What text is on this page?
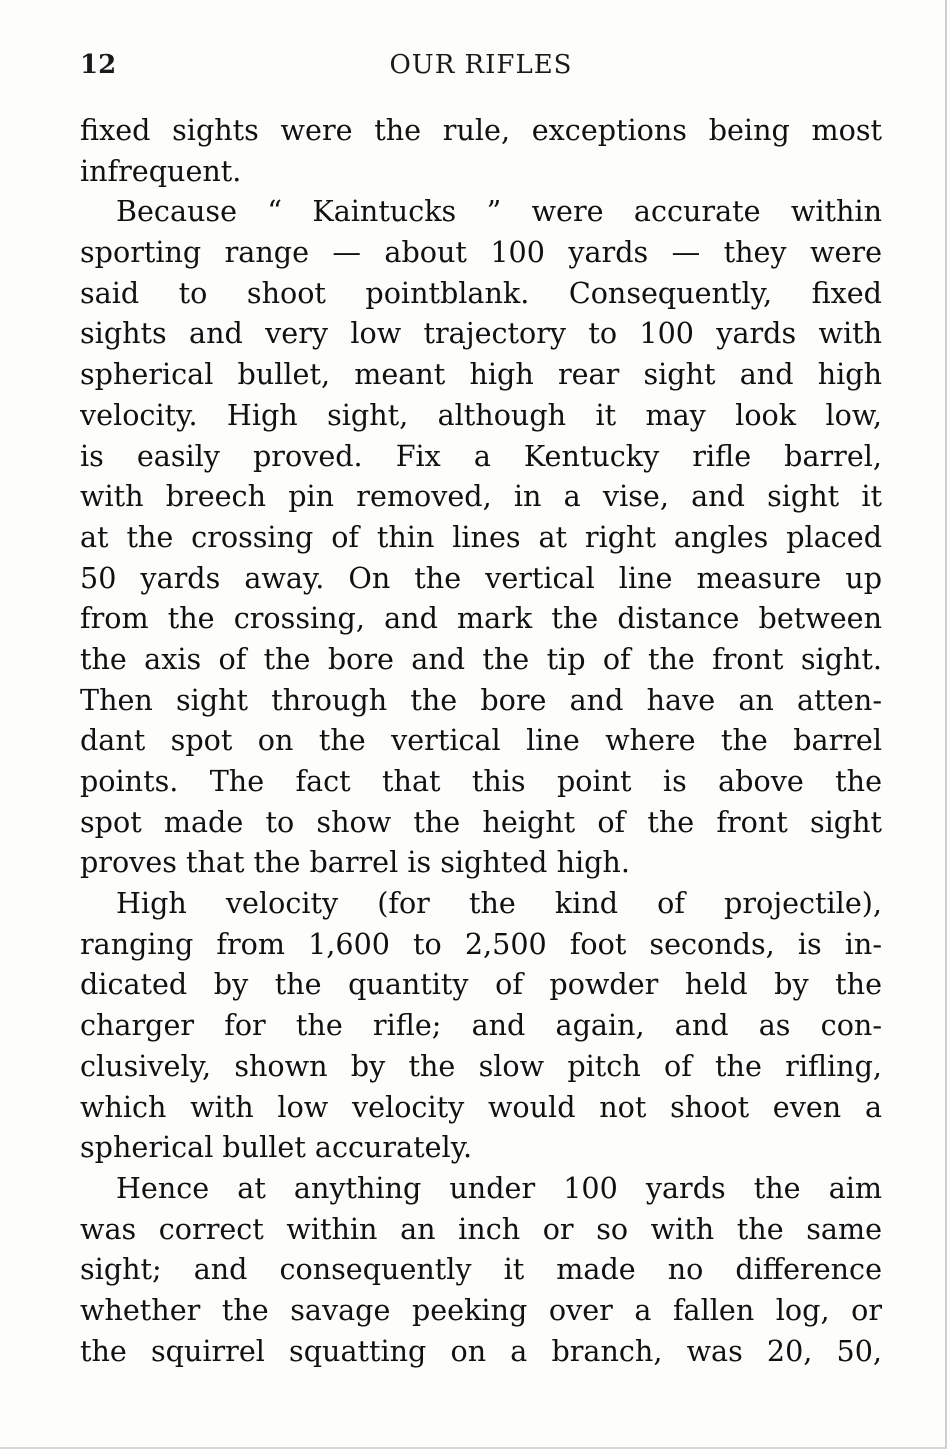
12	OUR RIFLES
fixed sights were the rule, exceptions being most
infrequent.
Because “ Kaintucks ” were accurate within
sporting range — about 100 yards — they were
said to shoot pointblank. Consequently, fixed
sights and very low trajectory to 100 yards with
spherical bullet, meant high rear sight and high
velocity. High sight, although it may look low,
is easily proved. Fix a Kentucky rifle barrel,
with breech pin removed, in a vise, and sight it
at the crossing of thin lines at right angles placed
50 yards away. On the vertical line measure up
from the crossing, and mark the distance between
the axis of the bore and the tip of the front sight.
Then sight through the bore and have an atten-
dant spot on the vertical line where the barrel
points. The fact that this point is above the
spot made to show the height of the front sight
proves that the barrel is sighted high.
High velocity (for the kind of projectile),
ranging from 1,600 to 2,500 foot seconds, is in-
dicated by the quantity of powder held by the
charger for the rifle; and again, and as con-
clusively, shown by the slow pitch of the rifling,
which with low velocity would not shoot even a
spherical bullet accurately.
Hence at anything under 100 yards the aim
was correct within an inch or so with the same
sight; and consequently it made no difference
whether the savage peeking over a fallen log, or
the squirrel squatting on a branch, was 20, 50,
